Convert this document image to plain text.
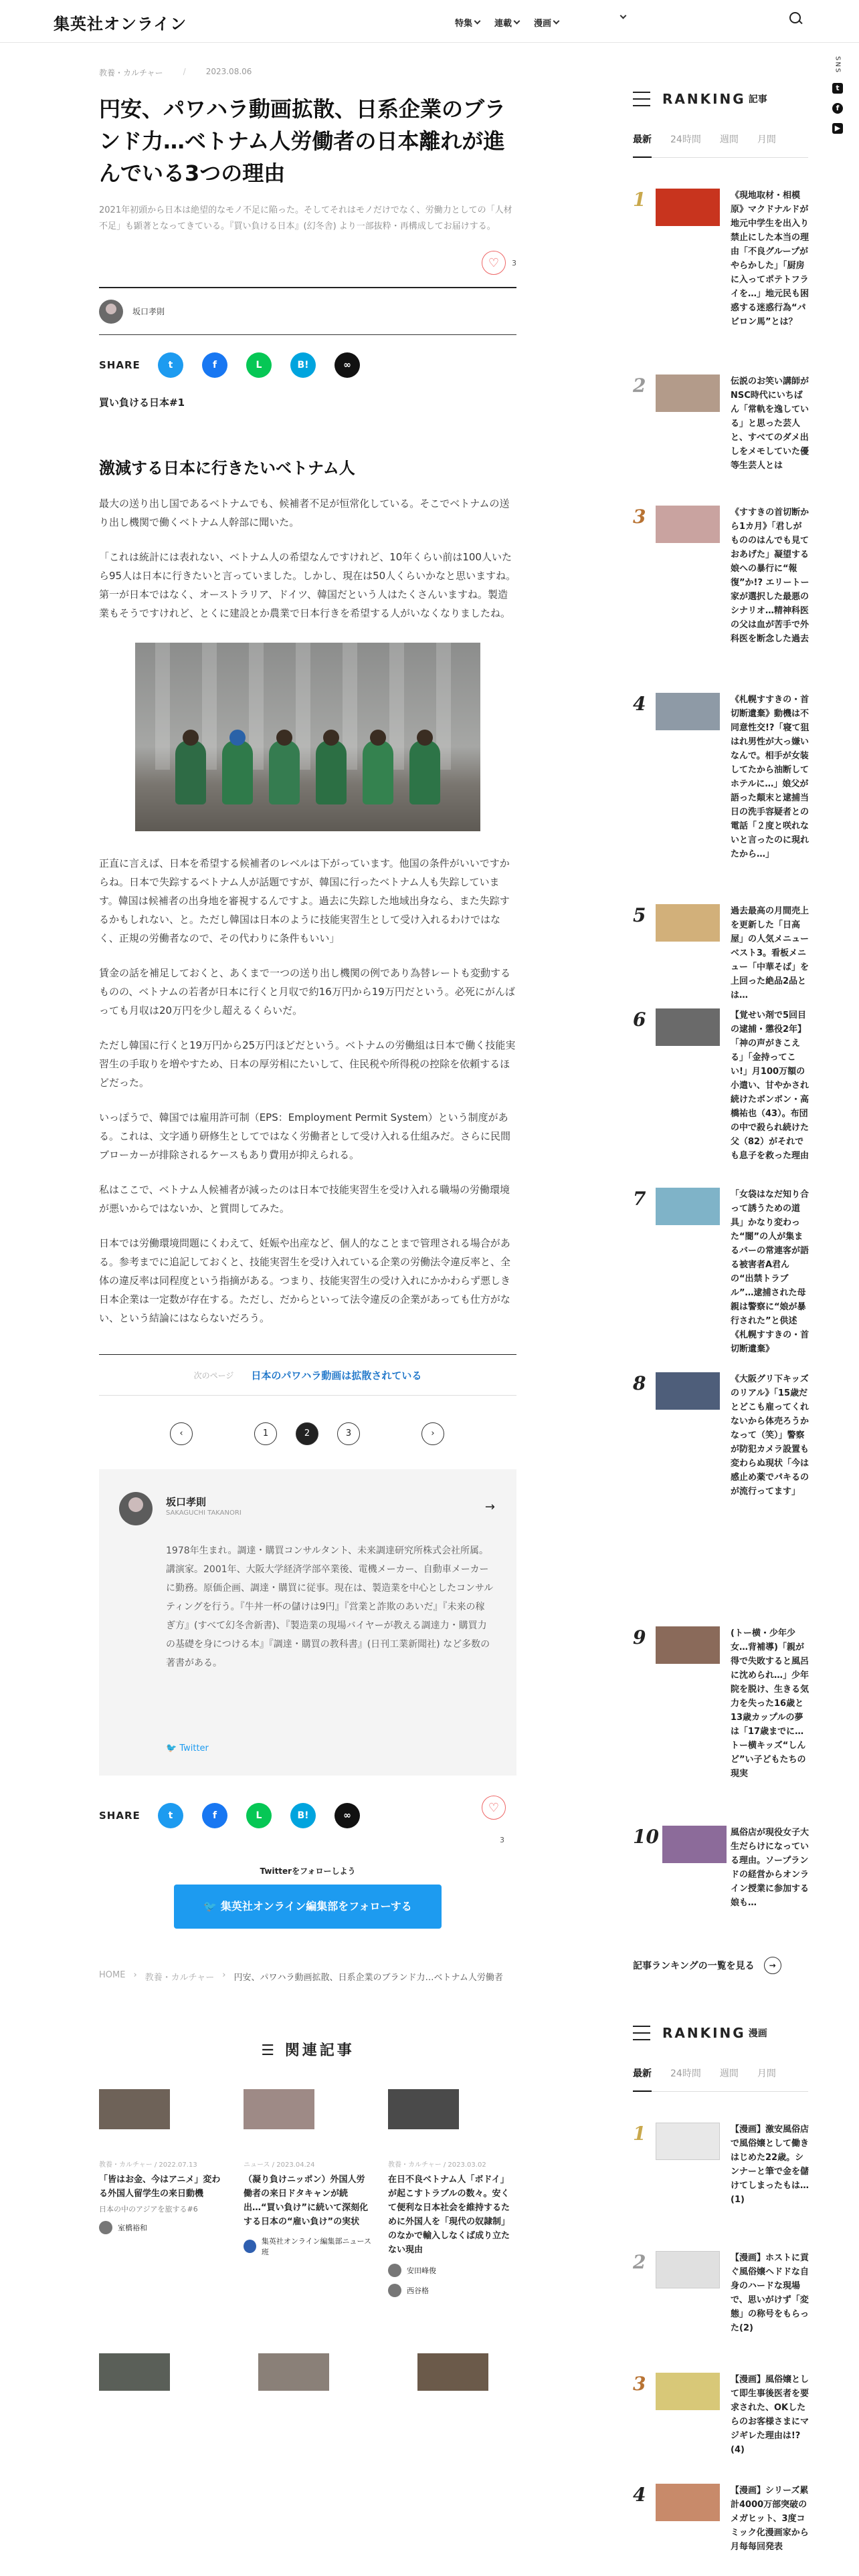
集英社オンライン	特集	連載	漫画
SNS
t
f
▶
教養・カルチャー	/	2023.08.06
円安、パワハラ動画拡散、日系企業のブランド力…ベトナム人労働者の日本離れが進んでいる3つの理由

2021年初頭から日本は絶望的なモノ不足に陥った。そしてそれはモノだけでなく、労働力としての「人材不足」も顕著となってきている。『買い負ける日本』(幻冬舎) より一部抜粋・再構成してお届けする。

♡	3
坂口孝則
SHARE	t	f	L	B!	∞
買い負ける日本#1
激減する日本に行きたいベトナム人

最大の送り出し国であるベトナムでも、候補者不足が恒常化している。そこでベトナムの送り出し機関で働くベトナム人幹部に聞いた。

「これは統計には表れない、ベトナム人の希望なんですけれど、10年くらい前は100人いたら95人は日本に行きたいと言っていました。しかし、現在は50人くらいかなと思いますね。第一が日本ではなく、オーストラリア、ドイツ、韓国だという人はたくさんいますね。製造業もそうですけれど、とくに建設とか農業で日本行きを希望する人がいなくなりましたね。

正直に言えば、日本を希望する候補者のレベルは下がっています。他国の条件がいいですからね。日本で失踪するベトナム人が話題ですが、韓国に行ったベトナム人も失踪しています。韓国は候補者の出身地を審視するんですよ。過去に失踪した地域出身なら、また失踪するかもしれない、と。ただし韓国は日本のように技能実習生として受け入れるわけではなく、正規の労働者なので、その代わりに条件もいい」

賃金の話を補足しておくと、あくまで一つの送り出し機関の例であり為替レートも変動するものの、ベトナムの若者が日本に行くと月収で約16万円から19万円だという。必死にがんばっても月収は20万円を少し超えるくらいだ。

ただし韓国に行くと19万円から25万円ほどだという。ベトナムの労働組は日本で働く技能実習生の手取りを増やすため、日本の厚労相にたいして、住民税や所得税の控除を依頼するほどだった。

いっぽうで、韓国では雇用許可制（EPS：Employment Permit System）という制度がある。これは、文字通り研修生としてではなく労働者として受け入れる仕組みだ。さらに民間ブローカーが排除されるケースもあり費用が抑えられる。

私はここで、ベトナム人候補者が減ったのは日本で技能実習生を受け入れる職場の労働環境が悪いからではないか、と質問してみた。

日本では労働環境問題にくわえて、妊娠や出産など、個人的なことまで管理される場合がある。参考までに追記しておくと、技能実習生を受け入れている企業の労働法令違反率と、全体の違反率は同程度という指摘がある。つまり、技能実習生の受け入れにかかわらず悪しき日本企業は一定数が存在する。ただし、だからといって法令違反の企業があっても仕方がない、という結論にはならないだろう。

次のページ 日本のパワハラ動画は拡散されている
‹	1	2	3	›
坂口孝則
SAKAGUCHI TAKANORI	→
1978年生まれ。調達・購買コンサルタント、未来調達研究所株式会社所属。講演家。2001年、大阪大学経済学部卒業後、電機メーカー、自動車メーカーに勤務。原価企画、調達・購買に従事。現在は、製造業を中心としたコンサルティングを行う。『牛丼一杯の儲けは9円』『営業と詐欺のあいだ』『未来の稼ぎ方』(すべて幻冬舎新書)、『製造業の現場バイヤーが教える調達力・購買力の基礎を身につける本』『調達・購買の教科書』(日刊工業新聞社) など多数の著書がある。
🐦 Twitter
SHARE	t	f	L	B!	∞
♡
3
Twitterをフォローしよう
🐦 集英社オンライン編集部をフォローする
HOME › 教養・カルチャー › 円安、パワハラ動画拡散、日系企業のブランド力…ベトナム人労働者
☰ 関連記事
教養・カルチャー / 2022.07.13
「皆はお金、今はアニメ」変わる外国人留学生の来日動機
日本の中のアジアを旅する#6
室橋裕和
ニュース / 2023.04.24
（凝り負けニッポン）外国人労働者の来日ドタキャンが続出…“買い負け”に続いて深刻化する日本の“雇い負け”の実状
集英社オンライン編集部ニュース班
教養・カルチャー / 2023.03.02
在日不良ベトナム人「ボドイ」が起こすトラブルの数々。安くて便利な日本社会を維持するために外国人を「現代の奴隷制」のなかで輸入しなくば成り立たない現由
安田峰俊
西谷格
RANKING 記事
最新 24時間 週間 月間
1	《現地取材・相模原》マクドナルドが地元中学生を出入り禁止にした本当の理由「不良グループがやらかした」「厨房に入ってポテトフライを…」地元民も困惑する迷惑行為“パビロン馬”とは？
2	伝説のお笑い講師がNSC時代にいちばん「常軌を逸している」と思った芸人と、すべてのダメ出しをメモしていた優等生芸人とは
3	《すすきの首切断から1カ月》「君しがもののはんでも見ておあげた」凝望する娘への暴行に“報復”か!? エリートー家が選択した最悪のシナリオ…精神科医の父は血が苦手で外科医を断念した過去
4	《札幌すすきの・首切断遺棄》動機は不同意性交!?「寝て狙はれ男性が大っ嫌いなんで。相手が女装してたから油断してホテルに…」娘父が語った顛末と逮捕当日の洗手容疑者との電話「２度と咲れないと言ったのに現れたから…」
5	過去最高の月間売上を更新した「日高屋」の人気メニューベスト3。看板メニュー「中華そば」を上回った絶品2品とは…
6	【覚せい剤で5回目の逮捕・懲役2年】「神の声がきこえる」「金持ってこい!」月100万額の小遣い、甘やかされ続けたボンボン・高橋祐也（43）。布団の中で殺られ続けた父（82）がそれでも息子を救った理由
7	「女袋はなだ知り合って誘うための道具」かなり変わった“闇”の人が集まるバーの常連客が語る被害者A君んの“出禁トラブル”…逮捕された母親は警察に“娘が暴行された”と供述《札幌すすきの・首切断遺棄》
8	《大阪グリ下キッズのリアル》「15歳だとどこも雇ってくれないから体売ろうかなって（笑）」警察が防犯カメラ設置も変わらぬ現状「今は感止め薬でパキるのが流行ってます」
9	(トー横・少年少女…背補導)「親が得で失敗すると風呂に沈められ…」少年院を脱け、生きる気力を失った16歳と13歳カップルの夢は「17歳までに…トー横キッズ“しんど”い子どもたちの現実
10	風俗店が現役女子大生だらけになっている理由。ソープランドの経営からオンライン授業に参加する娘も…
記事ランキングの一覧を見る	→
RANKING 漫画
最新 24時間 週間 月間
1	【漫画】激安風俗店で風俗嬢として働きはじめた22歳。シンナーと筆で金を儲けてしまったもは…(1)
2	【漫画】ホストに貢ぐ風俗嬢ヘドドな自身のハードな現場で、思いがけず「変態」の称号をもらった(2)
3	【漫画】風俗嬢として即生事後医者を要求された、OKしたらのお客様さまにマジギレた理由は!? (4)
4	【漫画】シリーズ累計4000万部突破のメガヒット、3度コミック化漫画家から月每每回発表
